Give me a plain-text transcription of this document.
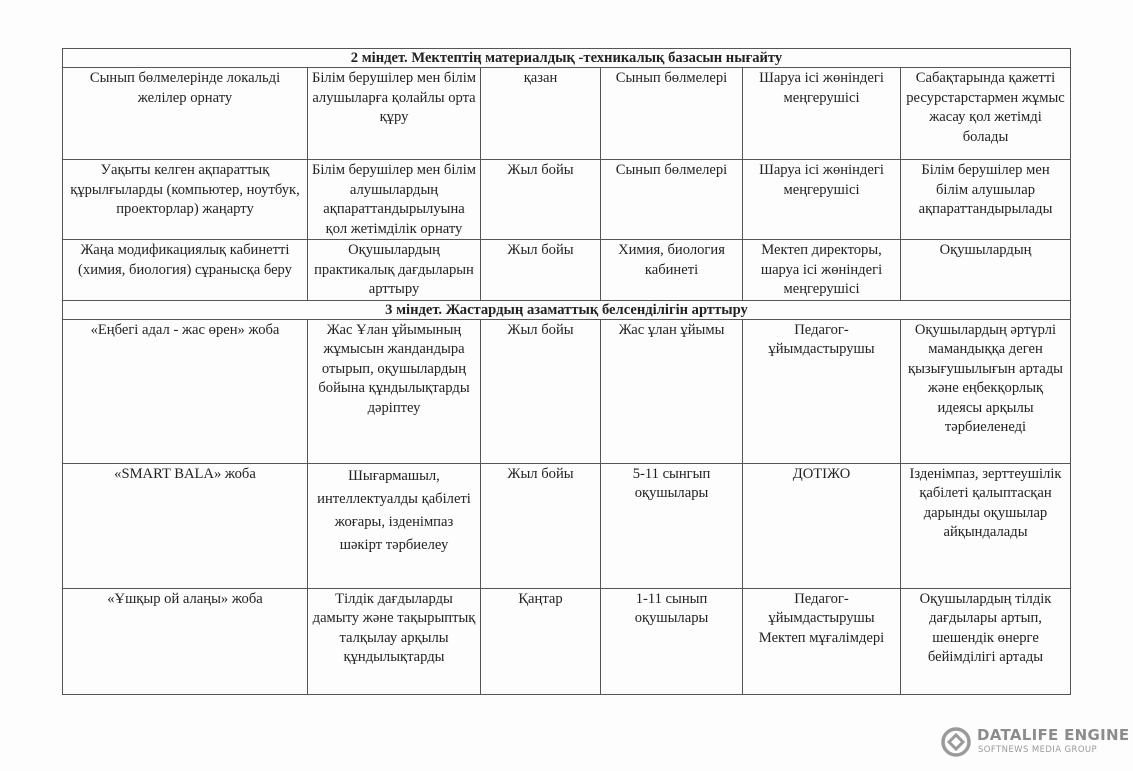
2 міндет. Мектептің материалдық -техникалық базасын нығайту					
Сынып бөлмелерінде локальді желілер орнату	Білім берушілер мен білім алушыларға қолайлы орта құру	қазан	Сынып бөлмелері	Шаруа ісі жөніндегі меңгерушісі	Сабақтарында қажетті ресурстарстармен жұмыс жасау қол жетімді болады
Уақыты келген ақпараттық құрылғыларды (компьютер, ноутбук, проекторлар) жаңарту	Білім берушілер мен білім алушылардың ақпараттандырылуына қол жетімділік орнату	Жыл бойы	Сынып бөлмелері	Шаруа ісі жөніндегі меңгерушісі	Білім берушілер мен білім алушылар ақпараттандырылады
Жаңа модификациялық кабинетті (химия, биология) сұранысқа беру	Оқушылардың практикалық дағдыларын арттыру	Жыл бойы	Химия, биология кабинеті	Мектеп директоры, шаруа ісі жөніндегі меңгерушісі	Оқушылардың
3 міндет. Жастардың азаматтық белсенділігін арттыру					
«Еңбегі адал - жас өрен» жоба	Жас Ұлан ұйымының жұмысын жандандыра отырып, оқушылардың бойына құндылықтарды дәріптеу	Жыл бойы	Жас ұлан ұйымы	Педагог-ұйымдастырушы	Оқушылардың әртүрлі мамандыққа деген қызығушылығын артады және еңбекқорлық идеясы арқылы тәрбиеленеді
«SMART BALA» жоба	Шығармашыл, интеллектуалды қабілеті жоғары, ізденімпаз шәкірт тәрбиелеу	Жыл бойы	5-11 сынгып оқушылары	ДОТІЖО	Ізденімпаз, зерттеушілік қабілеті қалыптасқан дарынды оқушылар айқындалады
«Ұшқыр ой алаңы» жоба	Тілдік дағдыларды дамыту және тақырыптық талқылау арқылы құндылықтарды	Қаңтар	1-11 сынып оқушылары	Педагог-ұйымдастырушы Мектеп мұғалімдері	Оқушылардың тілдік дағдылары артып, шешендік өнерге бейімділігі артады
DATALIFE ENGINE
SOFTNEWS MEDIA GROUP
